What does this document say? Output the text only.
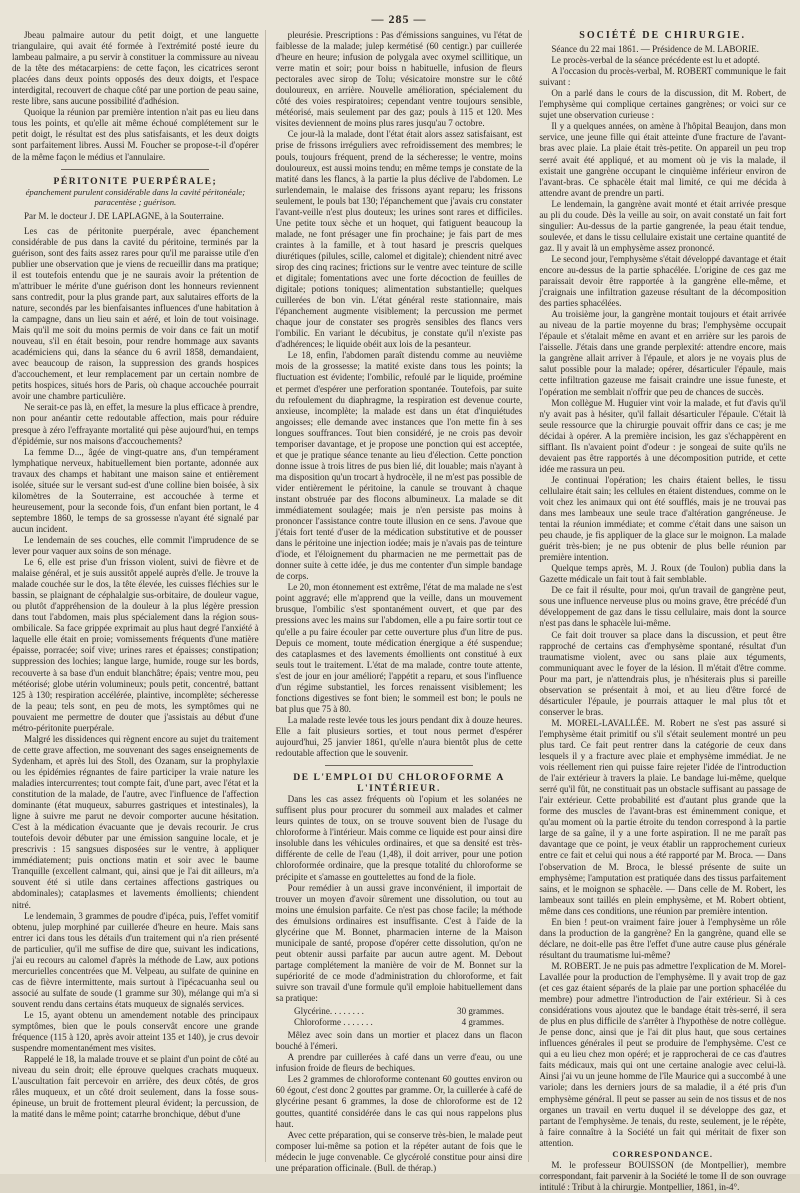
— 285 —

Jbeau palmaire autour du petit doigt, et une languette triangulaire, qui avait été formée à l'extrémité posté ieure du lambeau palmaire, a pu servir à constituer la commissure au niveau de la tête des métacarpiens: de cette façon, les cicatrices seront placées dans deux points opposés des deux doigts, et l'espace interdigital, recouvert de chaque côté par une portion de peau saine, reste libre, sans aucune possibilité d'adhésion.

Quoique la réunion par première intention n'ait pas eu lieu dans tous les points, et qu'elle ait même échoué complétement sur le petit doigt, le résultat est des plus satisfaisants, et les deux doigts sont parfaitement libres. Aussi M. Foucher se propose-t-il d'opérer de la même façon le médius et l'annulaire.

PÉRITONITE PUERPÉRALE;

épanchement purulent considérable dans la cavité péritonéale; paracentèse ; guérison.

Par M. le docteur J. DE LAPLAGNE, à la Souterraine.

Les cas de péritonite puerpérale, avec épanchement considérable de pus dans la cavité du péritoine, terminés par la guérison, sont des faits assez rares pour qu'il me paraisse utile d'en publier une observation que je viens de recueillir dans ma pratique; il est toutefois entendu que je ne saurais avoir la prétention de m'attribuer le mérite d'une guérison dont les honneurs reviennent sans contredit, pour la plus grande part, aux salutaires efforts de la nature, secondés par les bienfaisantes influences d'une habitation à la campagne, dans un lieu sain et aéré, et loin de tout voisinage. Mais qu'il me soit du moins permis de voir dans ce fait un motif nouveau, s'il en était besoin, pour rendre hommage aux savants académiciens qui, dans la séance du 6 avril 1858, demandaient, avec beaucoup de raison, la suppression des grands hospices d'accouchement, et leur remplacement par un certain nombre de petits hospices, situés hors de Paris, où chaque accouchée pourrait avoir une chambre particulière.

Ne serait-ce pas là, en effet, la mesure la plus efficace à prendre, non pour anéantir cette redoutable affection, mais pour réduire presque à zéro l'effrayante mortalité qui pèse aujourd'hui, en temps d'épidémie, sur nos maisons d'accouchements?

La femme D..., âgée de vingt-quatre ans, d'un tempérament lymphatique nerveux, habituellement bien portante, adonnée aux travaux des champs et habitant une maison saine et entièrement isolée, située sur le versant sud-est d'une colline bien boisée, à six kilomètres de la Souterraine, est accouchée à terme et heureusement, pour la seconde fois, d'un enfant bien portant, le 4 septembre 1860, le temps de sa grossesse n'ayant été signalé par aucun incident.

Le lendemain de ses couches, elle commit l'imprudence de se lever pour vaquer aux soins de son ménage.

Le 6, elle est prise d'un frisson violent, suivi de fièvre et de malaise général, et je suis aussitôt appelé auprès d'elle. Je trouve la malade couchée sur le dos, la tête élevée, les cuisses fléchies sur le bassin, se plaignant de céphalalgie sus-orbitaire, de douleur vague, ou plutôt d'appréhension de la douleur à la plus légère pression dans tout l'abdomen, mais plus spécialement dans la région sous-ombilicale. Sa face grippée exprimait au plus haut degré l'anxiété à laquelle elle était en proie; vomissements fréquents d'une matière épaisse, porracée; soif vive; urines rares et épaisses; constipation; suppression des lochies; langue large, humide, rouge sur les bords, recouverte à sa base d'un enduit blanchâtre; épais; ventre mou, peu météorisé; globe utérin volumineux; pouls petit, concentré, battant 125 à 130; respiration accélérée, plaintive, incomplète; sécheresse de la peau; tels sont, en peu de mots, les symptômes qui ne pouvaient me permettre de douter que j'assistais au début d'une métro-péritonite puerpérale.

Malgré les dissidences qui règnent encore au sujet du traitement de cette grave affection, me souvenant des sages enseignements de Sydenham, et après lui des Stoll, des Ozanam, sur la prophylaxie ou les épidémies régnantes de faire participer la vraie nature les maladies intercurrentes; tout compte fait, d'une part, avec l'état et la constitution de la malade, de l'autre, avec l'influence de l'affection dominante (état muqueux, saburres gastriques et intestinales), la ligne à suivre me parut ne devoir comporter aucune hésitation. C'est à la médication évacuante que je devais recourir. Je crus toutefois devoir débuter par une émission sanguine locale, et je prescrivis : 15 sangsues disposées sur le ventre, à appliquer immédiatement; puis onctions matin et soir avec le baume Tranquille (excellent calmant, qui, ainsi que je l'ai dit ailleurs, m'a souvent été si utile dans certaines affections gastriques ou abdominales); cataplasmes et lavements émollients; chiendent nitré.

Le lendemain, 3 grammes de poudre d'ipéca, puis, l'effet vomitif obtenu, julep morphiné par cuillerée d'heure en heure. Mais sans entrer ici dans tous les détails d'un traitement qui n'a rien présenté de particulier, qu'il me suffise de dire que, suivant les indications, j'ai eu recours au calomel d'après la méthode de Law, aux potions mercurielles concentrées que M. Velpeau, au sulfate de quinine en cas de fièvre intermittente, mais surtout à l'ipécacuanha seul ou associé au sulfate de soude (1 gramme sur 30), mélange qui m'a si souvent rendu dans certains états muqueux de signalés services.

Le 15, ayant obtenu un amendement notable des principaux symptômes, bien que le pouls conservât encore une grande fréquence (115 à 120, après avoir atteint 135 et 140), je crus devoir suspendre momentanément mes visites.

Rappelé le 18, la malade trouve et se plaint d'un point de côté au niveau du sein droit; elle éprouve quelques crachats muqueux. L'auscultation fait percevoir en arrière, des deux côtés, de gros râles muqueux, et un côté droit seulement, dans la fosse sous-épineuse, un bruit de frottement pleural évident; la percussion, de la matité dans le même point; catarrhe bronchique, début d'une

pleurésie. Prescriptions : Pas d'émissions sanguines, vu l'état de faiblesse de la malade; julep kermétisé (60 centigr.) par cuillerée d'heure en heure; infusion de polygala avec oxymel scillitique, un verre matin et soir; pour boiss n habituelle, infusion de fleurs pectorales avec sirop de Tolu; vésicatoire monstre sur le côté douloureux, en arrière. Nouvelle amélioration, spécialement du côté des voies respiratoires; cependant ventre toujours sensible, météorisé, mais seulement par des gaz; pouls à 115 et 120. Mes visites deviennent de moins plus rares jusqu'au 7 octobre.

Ce jour-là la malade, dont l'état était alors assez satisfaisant, est prise de frissons irréguliers avec refroidissement des membres; le pouls, toujours fréquent, prend de la sécheresse; le ventre, moins douloureux, est aussi moins tendu; en même temps je constate de la matité dans les flancs, à la partie la plus déclive de l'abdomen. Le surlendemain, le malaise des frissons ayant reparu; les frissons seulement, le pouls bat 130; l'épanchement que j'avais cru constater l'avant-veille n'est plus douteux; les urines sont rares et difficiles. Une petite toux sèche et un hoquet, qui fatiguent beaucoup la malade, ne font présager une fin prochaine; je fais part de mes craintes à la famille, et à tout hasard je prescris quelques diurétiques (pilules, scille, calomel et digitale); chiendent nitré avec sirop des cinq racines; frictions sur le ventre avec teinture de scille et digitale; fomentations avec une forte décoction de feuilles de digitale; potions toniques; alimentation substantielle; quelques cuillerées de bon vin. L'état général reste stationnaire, mais l'épanchement augmente visiblement; la percussion me permet chaque jour de constater ses progrès sensibles des flancs vers l'ombilic. En variant le décubitus, je constate qu'il n'existe pas d'adhérences; le liquide obéit aux lois de la pesanteur.

Le 18, enfin, l'abdomen paraît distendu comme au neuvième mois de la grossesse; la matité existe dans tous les points; la fluctuation est évidente; l'ombilic, refoulé par le liquide, proémine et permet d'espérer une perforation spontanée. Toutefois, par suite du refoulement du diaphragme, la respiration est devenue courte, anxieuse, incomplète; la malade est dans un état d'inquiétudes angoisses; elle demande avec instances que l'on mette fin à ses longues souffrances. Tout bien considéré, je ne crois pas devoir temporiser davantage, et je propose une ponction qui est acceptée, et que je pratique séance tenante au lieu d'élection. Cette ponction donne issue à trois litres de pus bien lié, dit louable; mais n'ayant à ma disposition qu'un trocart à hydrocèle, il ne m'est pas possible de vider entièrement le péritoine, la canule se trouvant à chaque instant obstruée par des flocons albumineux. La malade se dit immédiatement soulagée; mais je n'en persiste pas moins à prononcer l'assistance contre toute illusion en ce sens. J'avoue que j'étais fort tenté d'user de la médication substitutive et de pousser dans le péritoine une injection iodée; mais je n'avais pas de teinture d'iode, et l'éloignement du pharmacien ne me permettait pas de donner suite à cette idée, je dus me contenter d'un simple bandage de corps.

Le 20, mon étonnement est extrême, l'état de ma malade ne s'est point aggravé; elle m'apprend que la veille, dans un mouvement brusque, l'ombilic s'est spontanément ouvert, et que par des pressions avec les mains sur l'abdomen, elle a pu faire sortir tout ce qu'elle a pu faire écouler par cette ouverture plus d'un litre de pus. Depuis ce moment, toute médication énergique a été suspendue; des cataplasmes et des lavements émollients ont constitué à eux seuls tout le traitement. L'état de ma malade, contre toute attente, s'est de jour en jour amélioré; l'appétit a reparu, et sous l'influence d'un régime substantiel, les forces renaissent visiblement; les fonctions digestives se font bien; le sommeil est bon; le pouls ne bat plus que 75 à 80.

La malade reste levée tous les jours pendant dix à douze heures. Elle a fait plusieurs sorties, et tout nous permet d'espérer aujourd'hui, 25 janvier 1861, qu'elle n'aura bientôt plus de cette redoutable affection que le souvenir.

DE L'EMPLOI DU CHLOROFORME A L'INTÉRIEUR.

Dans les cas assez fréquents où l'opium et les solanées ne suffisent plus pour procurer du sommeil aux malades et calmer leurs quintes de toux, on se trouve souvent bien de l'usage du chloroforme à l'intérieur. Mais comme ce liquide est pour ainsi dire insoluble dans les véhicules ordinaires, et que sa densité est très-différente de celle de l'eau (1,48), il doit arriver, pour une potion chloroformée ordinaire, que la presque totalité du chloroforme se précipite et s'amasse en gouttelettes au fond de la fiole.

Pour remédier à un aussi grave inconvénient, il importait de trouver un moyen d'avoir sûrement une dissolution, ou tout au moins une émulsion parfaite. Ce n'est pas chose facile; la méthode des émulsions ordinaires est insuffisante. C'est à l'aide de la glycérine que M. Bonnet, pharmacien interne de la Maison municipale de santé, propose d'opérer cette dissolution, qu'on ne peut obtenir aussi parfaite par aucun autre agent. M. Debout partage complétement la manière de voir de M. Bonnet sur la supériorité de ce mode d'administration du chloroforme, et fait suivre son travail d'une formule qu'il emploie habituellement dans sa pratique:

Glycérine. . . . . . . .	30 grammes.
Chloroforme . . . . . . .	4 grammes.

Mêlez avec soin dans un mortier et placez dans un flacon bouché à l'émeri.

A prendre par cuillerées à café dans un verre d'eau, ou une infusion froide de fleurs de bechiques.

Les 2 grammes de chloroforme contenant 60 gouttes environ ou 60 égout, c'est donc 2 gouttes par gramme. Or, la cuillerée à café de glycérine pesant 6 grammes, la dose de chloroforme est de 12 gouttes, quantité considérée dans le cas qui nous rappelons plus haut.

Avec cette préparation, qui se conserve très-bien, le malade peut composer lui-même sa potion et la répéter autant de fois que le médecin le juge convenable. Ce glycérolé constitue pour ainsi dire une préparation officinale. (Bull. de thérap.)

SOCIÉTÉ DE CHIRURGIE.

Séance du 22 mai 1861. — Présidence de M. LABORIE.

Le procès-verbal de la séance précédente est lu et adopté.

A l'occasion du procès-verbal, M. ROBERT communique le fait suivant :

On a parlé dans le cours de la discussion, dit M. Robert, de l'emphysème qui complique certaines gangrènes; or voici sur ce sujet une observation curieuse :

Il y a quelques années, on amène à l'hôpital Beaujon, dans mon service, une jeune fille qui était atteinte d'une fracture de l'avant-bras avec plaie. La plaie était très-petite. On appareil un peu trop serré avait été appliqué, et au moment où je vis la malade, il existait une gangrène occupant le cinquième inférieur environ de l'avant-bras. Ce sphacèle était mal limité, ce qui me décida à attendre avant de prendre un parti.

Le lendemain, la gangrène avait monté et était arrivée presque au pli du coude. Dès la veille au soir, on avait constaté un fait fort singulier: Au-dessus de la partie gangrenée, la peau était tendue, soulevée, et dans le tissu cellulaire existait une certaine quantité de gaz. Il y avait là un emphysème assez prononcé.

Le second jour, l'emphysème s'était développé davantage et était encore au-dessus de la partie sphacélée. L'origine de ces gaz me paraissait devoir être rapportée à la gangrène elle-même, et j'craignais une infiltration gazeuse résultant de la décomposition des parties sphacélées.

Au troisième jour, la gangrène montait toujours et était arrivée au niveau de la partie moyenne du bras; l'emphysème occupait l'épaule et s'étalait même en avant et en arrière sur les parois de l'aisselle. J'étais dans une grande perplexité: attendre encore, mais la gangrène allait arriver à l'épaule, et alors je ne voyais plus de salut possible pour la malade; opérer, désarticuler l'épaule, mais cette infiltration gazeuse me faisait craindre une issue funeste, et l'opération me semblait n'offrir que peu de chances de succès.

Mon collègue M. Huguier vint voir la malade, et fut d'avis qu'il n'y avait pas à hésiter, qu'il fallait désarticuler l'épaule. C'était là seule ressource que la chirurgie pouvait offrir dans ce cas; je me décidai à opérer. A la première incision, les gaz s'échappèrent en sifflant. Ils n'avaient point d'odeur : je songeai de suite qu'ils ne devaient pas être rapportés à une décomposition putride, et cette idée me rassura un peu.

Je continuai l'opération; les chairs étaient belles, le tissu cellulaire était sain; les cellules en étaient distendues, comme on le voit chez les animaux qui ont été soufflés, mais je ne trouvai pas dans mes lambeaux une seule trace d'altération gangréneuse. Je tentai la réunion immédiate; et comme c'était dans une saison un peu chaude, je fis appliquer de la glace sur le moignon. La malade guérit très-bien; je ne pus obtenir de plus belle réunion par première intention.

Quelque temps après, M. J. Roux (de Toulon) publia dans la Gazette médicale un fait tout à fait semblable.

De ce fait il résulte, pour moi, qu'un travail de gangrène peut, sous une influence nerveuse plus ou moins grave, être précédé d'un développement de gaz dans le tissu cellulaire, mais dont la source n'est pas dans le sphacèle lui-même.

Ce fait doit trouver sa place dans la discussion, et peut être rapproché de certains cas d'emphysème spontané, résultat d'un traumatisme violent, avec ou sans plaie aux téguments, communiquant avec le foyer de la lésion. Il m'était d'être comme. Pour ma part, je n'attendrais plus, je n'hésiterais plus si pareille observation se présentait à moi, et au lieu d'être forcé de désarticuler l'épaule, je pourrais attaquer le mal plus tôt et conserver le bras.

M. MOREL-LAVALLÉE. M. Robert ne s'est pas assuré si l'emphysème était primitif ou s'il s'était seulement montré un peu plus tard. Ce fait peut rentrer dans la catégorie de ceux dans lesquels il y a fracture avec plaie et emphysème immédiat. Je ne vois réellement rien qui puisse faire rejeter l'idée de l'introduction de l'air extérieur à travers la plaie. Le bandage lui-même, quelque serré qu'il fût, ne constituait pas un obstacle suffisant au passage de l'air extérieur. Cette probabilité est d'autant plus grande que la forme des muscles de l'avant-bras est éminemment conique, et qu'au moment où la partie étroite du tendon correspond à la partie large de sa gaîne, il y a une forte aspiration. Il ne me paraît pas davantage que ce point, je veux établir un rapprochement curieux entre ce fait et celui qui nous a été rapporté par M. Broca. — Dans l'observation de M. Broca, le blessé présente de suite un emphysème; l'amputation est pratiquée dans des tissus parfaitement sains, et le moignon se sphacèle. — Dans celle de M. Robert, les lambeaux sont taillés en plein emphysème, et M. Robert obtient, même dans ces conditions, une réunion par première intention.

En bien ! peut-on vraiment faire jouer à l'emphysème un rôle dans la production de la gangrène? En la gangrène, quand elle se déclare, ne doit-elle pas être l'effet d'une autre cause plus générale résultant du traumatisme lui-même?

M. ROBERT. Je ne puis pas admettre l'explication de M. Morel-Lavallée pour la production de l'emphysème. Il y avait trop de gaz (et ces gaz étaient séparés de la plaie par une portion sphacélée du membre) pour admettre l'introduction de l'air extérieur. Si à ces considérations vous ajoutez que le bandage était très-serré, il sera de plus en plus difficile de s'arrêter à l'hypothèse de notre collègue. Je pense donc, ainsi que je l'ai dit plus haut, que sous certaines influences générales il peut se produire de l'emphysème. C'est ce qui a eu lieu chez mon opéré; et je rapprocherai de ce cas d'autres faits médicaux, mais qui ont une certaine analogie avec celui-là. Ainsi j'ai vu un jeune homme de l'île Maurice qui a succombé à une variole; dans les derniers jours de sa maladie, il a été pris d'un emphysème général. Il peut se passer au sein de nos tissus et de nos organes un travail en vertu duquel il se développe des gaz, et partant de l'emphysème. Je tenais, du reste, seulement, je le répète, à faire connaître à la Société un fait qui méritait de fixer son attention.

CORRESPONDANCE.

M. le professeur BOUISSON (de Montpellier), membre correspondant, fait parvenir à la Société le tome II de son ouvrage intitulé : Tribut à la chirurgie. Montpellier, 1861, in-4°.
